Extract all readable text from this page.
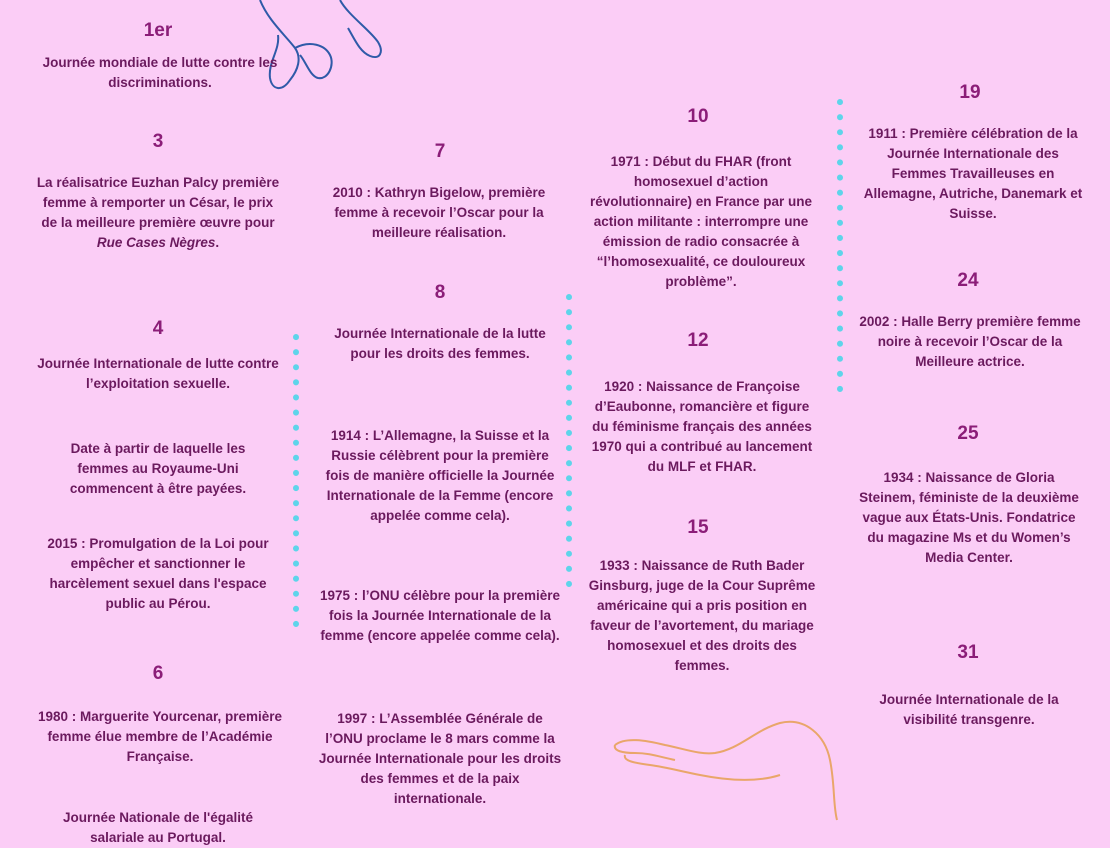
1er
Journée mondiale de lutte contre les discriminations.
3
La réalisatrice Euzhan Palcy première femme à remporter un César, le prix de la meilleure première œuvre pour Rue Cases Nègres.
4
Journée Internationale de lutte contre l’exploitation sexuelle.
Date à partir de laquelle les femmes au Royaume-Uni commencent à être payées.
2015 : Promulgation de la Loi pour empêcher et sanctionner le harcèlement sexuel dans l'espace public au Pérou.
6
1980 : Marguerite Yourcenar, première femme élue membre de l’Académie Française.
Journée Nationale de l'égalité salariale au Portugal.
7
2010 : Kathryn Bigelow, première femme à recevoir l’Oscar pour la meilleure réalisation.
8
Journée Internationale de la lutte pour les droits des femmes.
1914 : L’Allemagne, la Suisse et la Russie célèbrent pour la première fois de manière officielle la Journée Internationale de la Femme (encore appelée comme cela).
1975 : l’ONU célèbre pour la première fois la Journée Internationale de la femme (encore appelée comme cela).
1997 : L’Assemblée Générale de l’ONU proclame le 8 mars comme la Journée Internationale pour les droits des femmes et de la paix internationale.
10
1971 : Début du FHAR (front homosexuel d’action révolutionnaire) en France par une action militante : interrompre une émission de radio consacrée à “l’homosexualité, ce douloureux problème”.
12
1920 : Naissance de Françoise d’Eaubonne, romancière et figure du féminisme français des années 1970 qui a contribué au lancement du MLF et FHAR.
15
1933 : Naissance de Ruth Bader Ginsburg, juge de la Cour Suprême américaine qui a pris position en faveur de l’avortement, du mariage homosexuel et des droits des femmes.
19
1911 : Première célébration de la Journée Internationale des Femmes Travailleuses en Allemagne, Autriche, Danemark et Suisse.
24
2002 : Halle Berry première femme noire à recevoir l’Oscar de la Meilleure actrice.
25
1934 : Naissance de Gloria Steinem, féministe de la deuxième vague aux États-Unis. Fondatrice du magazine Ms et du Women’s Media Center.
31
Journée Internationale de la visibilité transgenre.
